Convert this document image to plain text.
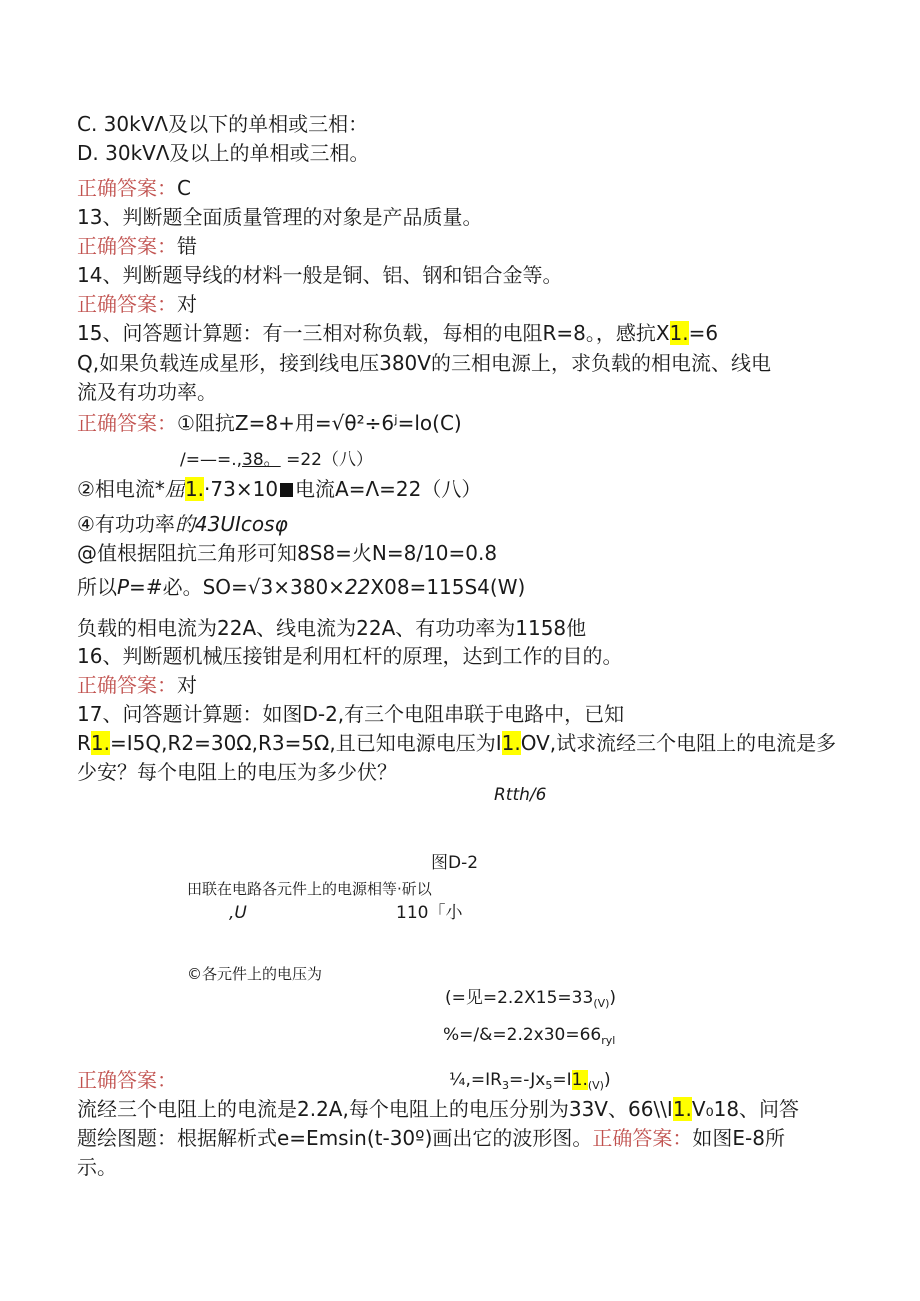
C. 30kVΛ及以下的单相或三相：
D. 30kVΛ及以上的单相或三相。
正确答案：C
13、判断题全面质量管理的对象是产品质量。
正确答案：错
14、判断题导线的材料一般是铜、铝、钢和铝合金等。
正确答案：对
15、问答题计算题：有一三相对称负载，每相的电阻R=8。，感抗X1.=6
Q,如果负载连成星形，接到线电压380V的三相电源上，求负载的相电流、线电
流及有功功率。
正确答案：①阻抗Z=8+用=√θ²÷6ʲ=lo(C)
/=—=.,38。 =22（八）
②相电流*屈1.·73×10 电流A=Λ=22（八）
④有功功率的43UIcosφ
@值根据阻抗三角形可知8S8=火N=8/10=0.8
所以P=#必。SO=√3×380×22X08=115S4(W)
负载的相电流为22A、线电流为22A、有功功率为1158他
16、判断题机械压接钳是利用杠杆的原理，达到工作的目的。
正确答案：对
17、问答题计算题：如图D-2,有三个电阻串联于电路中，已知
R1.=I5Q,R2=30Ω,R3=5Ω,且已知电源电压为I1.OV,试求流经三个电阻上的电流是多
少安？每个电阻上的电压为多少伏？
Rtth/6
图D-2
田联在电路各元件上的电源相等·斫以
,U	110「小
©各元件上的电压为
(=见$=2.2X15=33_{(V)}$)
$\%=/\&=2.2x30=66_{ryl}$
正确答案：	$\frac{1}{4},=IR_3=-Jx_5=I1._{(V)}$)
流经三个电阻上的电流是2.2A,每个电阻上的电压分别为33V、66\\I1.V₀18、问答
题绘图题：根据解析式e=Emsin(t-30º)画出它的波形图。正确答案：如图E-8所
示。
